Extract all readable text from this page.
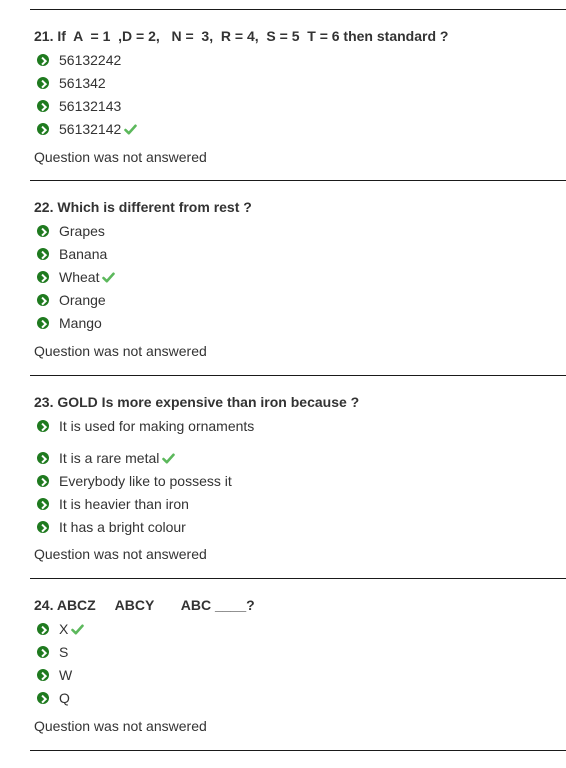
21. If  A  = 1  ,D = 2,   N =  3,  R = 4,  S = 5  T = 6 then standard ?
56132242
561342
56132143
56132142
Question was not answered
22. Which is different from rest ?
Grapes
Banana
Wheat
Orange
Mango
Question was not answered
23. GOLD Is more expensive than iron because ?
It is used for making ornaments
It is a rare metal
Everybody like to possess it
It is heavier than iron
It has a bright colour
Question was not answered
24. ABCZ     ABCY       ABC ____?
X
S
W
Q
Question was not answered
